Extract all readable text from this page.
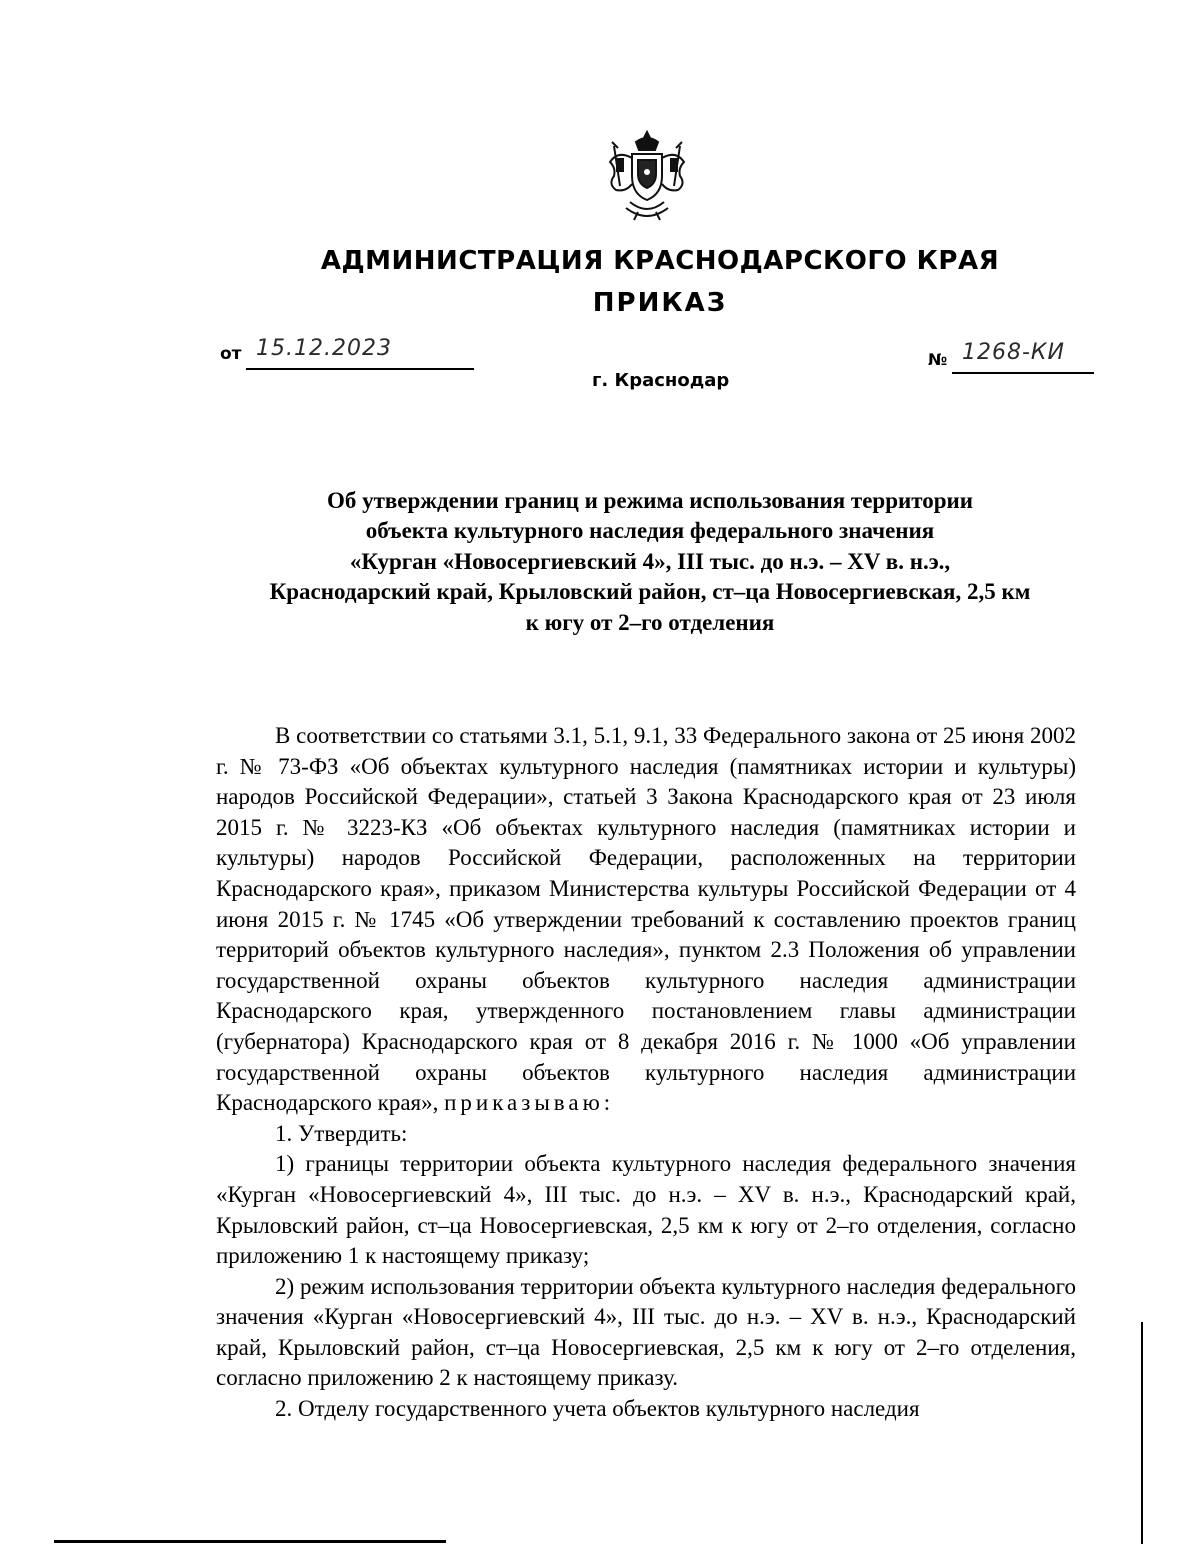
АДМИНИСТРАЦИЯ КРАСНОДАРСКОГО КРАЯ
ПРИКАЗ
от 15.12.2023	№ 1268-КИ
г. Краснодар
Об утверждении границ и режима использования территории
объекта культурного наследия федерального значения
«Курган «Новосергиевский 4», III тыс. до н.э. – XV в. н.э.,
Краснодарский край, Крыловский район, ст–ца Новосергиевская, 2,5 км
к югу от 2–го отделения

В соответствии со статьями 3.1, 5.1, 9.1, 33 Федерального закона от 25 июня 2002 г. № 73-ФЗ «Об объектах культурного наследия (памятниках истории и культуры) народов Российской Федерации», статьей 3 Закона Краснодарского края от 23 июля 2015 г. № 3223-КЗ «Об объектах культурного наследия (памятниках истории и культуры) народов Российской Федерации, расположенных на территории Краснодарского края», приказом Министерства культуры Российской Федерации от 4 июня 2015 г. № 1745 «Об утверждении требований к составлению проектов границ территорий объектов культурного наследия», пунктом 2.3 Положения об управлении государственной охраны объектов культурного наследия администрации Краснодарского края, утвержденного постановлением главы администрации (губернатора) Краснодарского края от 8 декабря 2016 г. № 1000 «Об управлении государственной охраны объектов культурного наследия администрации Краснодарского края», приказываю:

1. Утвердить:

1) границы территории объекта культурного наследия федерального значения «Курган «Новосергиевский 4», III тыс. до н.э. – XV в. н.э., Краснодарский край, Крыловский район, ст–ца Новосергиевская, 2,5 км к югу от 2–го отделения, согласно приложению 1 к настоящему приказу;

2) режим использования территории объекта культурного наследия федерального значения «Курган «Новосергиевский 4», III тыс. до н.э. – XV в. н.э., Краснодарский край, Крыловский район, ст–ца Новосергиевская, 2,5 км к югу от 2–го отделения, согласно приложению 2 к настоящему приказу.

2. Отделу государственного учета объектов культурного наследия
